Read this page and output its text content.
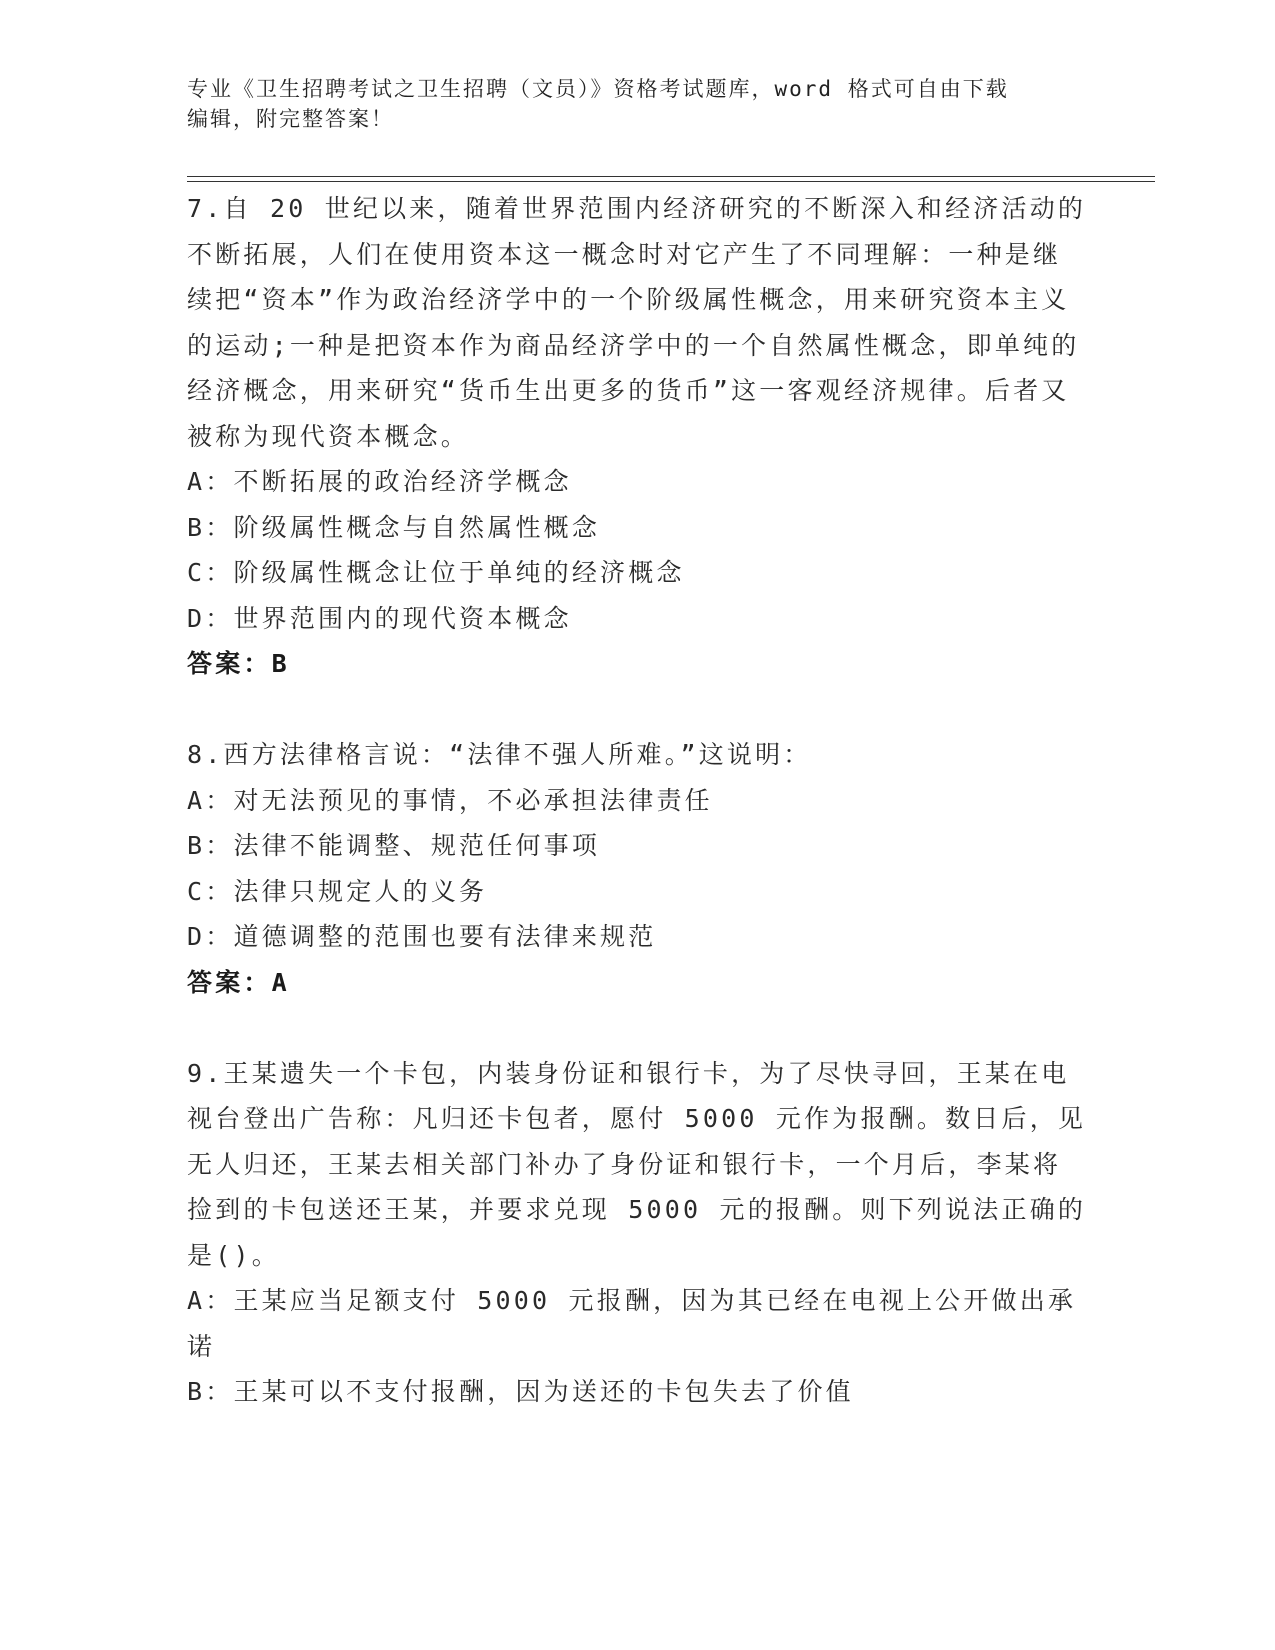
专业《卫生招聘考试之卫生招聘（文员）》资格考试题库，word 格式可自由下载
编辑，附完整答案！

7.自 20 世纪以来，随着世界范围内经济研究的不断深入和经济活动的不断拓展，人们在使用资本这一概念时对它产生了不同理解：一种是继续把“资本”作为政治经济学中的一个阶级属性概念，用来研究资本主义的运动;一种是把资本作为商品经济学中的一个自然属性概念，即单纯的经济概念，用来研究“货币生出更多的货币”这一客观经济规律。后者又被称为现代资本概念。

A：不断拓展的政治经济学概念

B：阶级属性概念与自然属性概念

C：阶级属性概念让位于单纯的经济概念

D：世界范围内的现代资本概念

答案：B

8.西方法律格言说：“法律不强人所难。”这说明：

A：对无法预见的事情，不必承担法律责任

B：法律不能调整、规范任何事项

C：法律只规定人的义务

D：道德调整的范围也要有法律来规范

答案：A

9.王某遗失一个卡包，内装身份证和银行卡，为了尽快寻回，王某在电视台登出广告称：凡归还卡包者，愿付 5000 元作为报酬。数日后，见无人归还，王某去相关部门补办了身份证和银行卡，一个月后，李某将捡到的卡包送还王某，并要求兑现 5000 元的报酬。则下列说法正确的是()。

A：王某应当足额支付 5000 元报酬，因为其已经在电视上公开做出承诺

B：王某可以不支付报酬，因为送还的卡包失去了价值
